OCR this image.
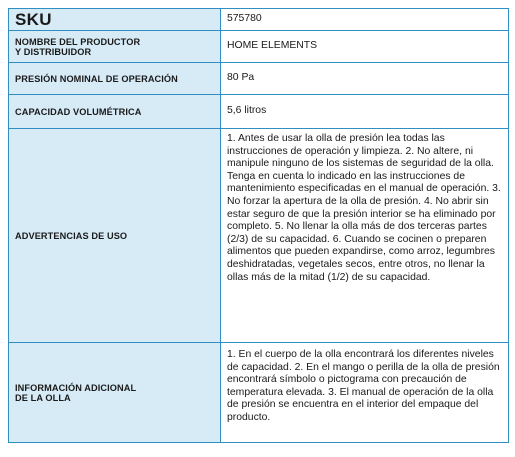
SKU	575780
NOMBRE DEL PRODUCTOR
Y DISTRIBUIDOR	HOME ELEMENTS
PRESIÓN NOMINAL DE OPERACIÓN	80 Pa
CAPACIDAD VOLUMÉTRICA	5,6 litros
ADVERTENCIAS DE USO	1. Antes de usar la olla de presión lea todas las instrucciones de operación y limpieza. 2. No altere, ni manipule ninguno de los sistemas de seguridad de la olla. Tenga en cuenta lo indicado en las instrucciones de mantenimiento especificadas en el manual de operación. 3. No forzar la apertura de la olla de presión. 4. No abrir sin estar seguro de que la presión interior se ha eliminado por completo. 5. No llenar la olla más de dos terceras partes (2/3) de su capacidad. 6. Cuando se cocinen o preparen alimentos que pueden expandirse, como arroz, legumbres deshidratadas, vegetales secos, entre otros, no llenar la ollas más de la mitad (1/2) de su capacidad.
INFORMACIÓN ADICIONAL
DE LA OLLA	1. En el cuerpo de la olla encontrará los diferentes niveles de capacidad. 2. En el mango o perilla de la olla de presión encontrará símbolo o pictograma con precaución de temperatura elevada. 3. El manual de operación de la olla de presión se encuentra en el interior del empaque del producto.
